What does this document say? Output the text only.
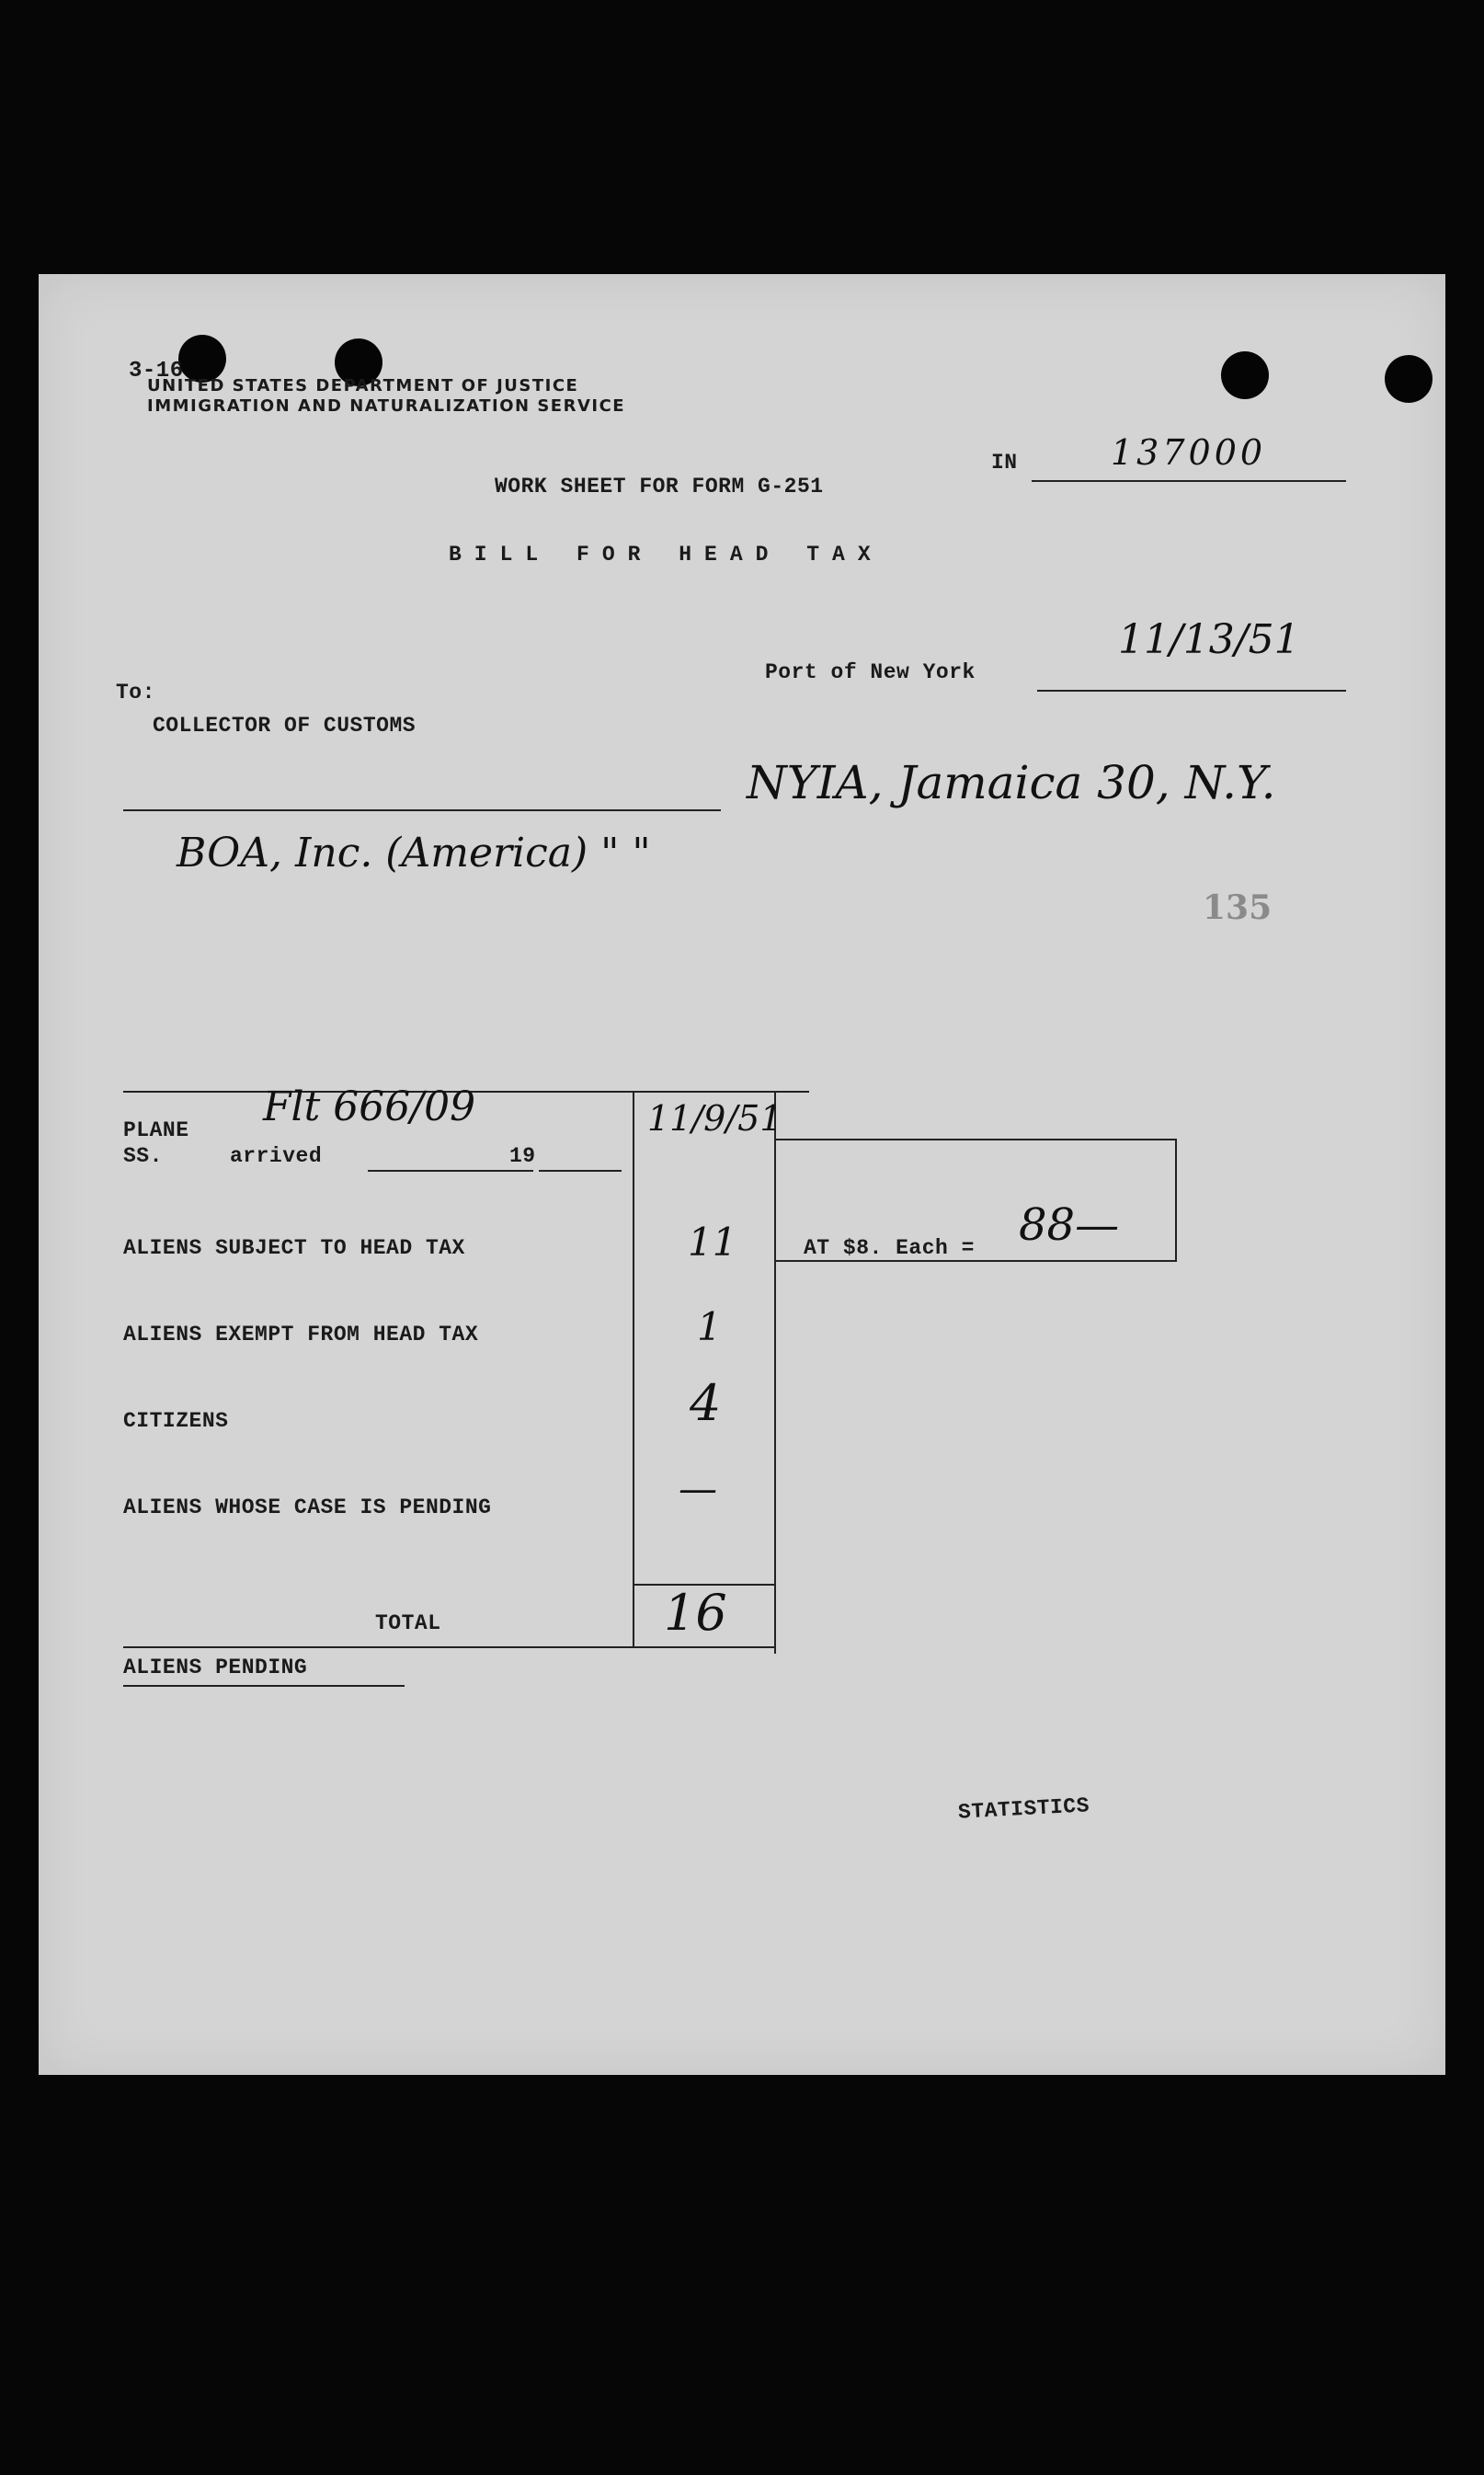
3-16
UNITED STATES DEPARTMENT OF JUSTICE
IMMIGRATION AND NATURALIZATION SERVICE
IN	137000
WORK SHEET FOR FORM G-251
BILL FOR HEAD TAX
Port of New York
11/13/51
To:
COLLECTOR OF CUSTOMS
NYIA, Jamaica 30, N.Y.
BOA, Inc. (America) " "
135
PLANE
SS.	arrived	19
Flt 666/09	11/9/51
ALIENS SUBJECT TO HEAD TAX	11	AT $8. Each = 88—
ALIENS EXEMPT FROM HEAD TAX	1
CITIZENS	4
ALIENS WHOSE CASE IS PENDING	—
TOTAL	16
ALIENS PENDING
STATISTICS
